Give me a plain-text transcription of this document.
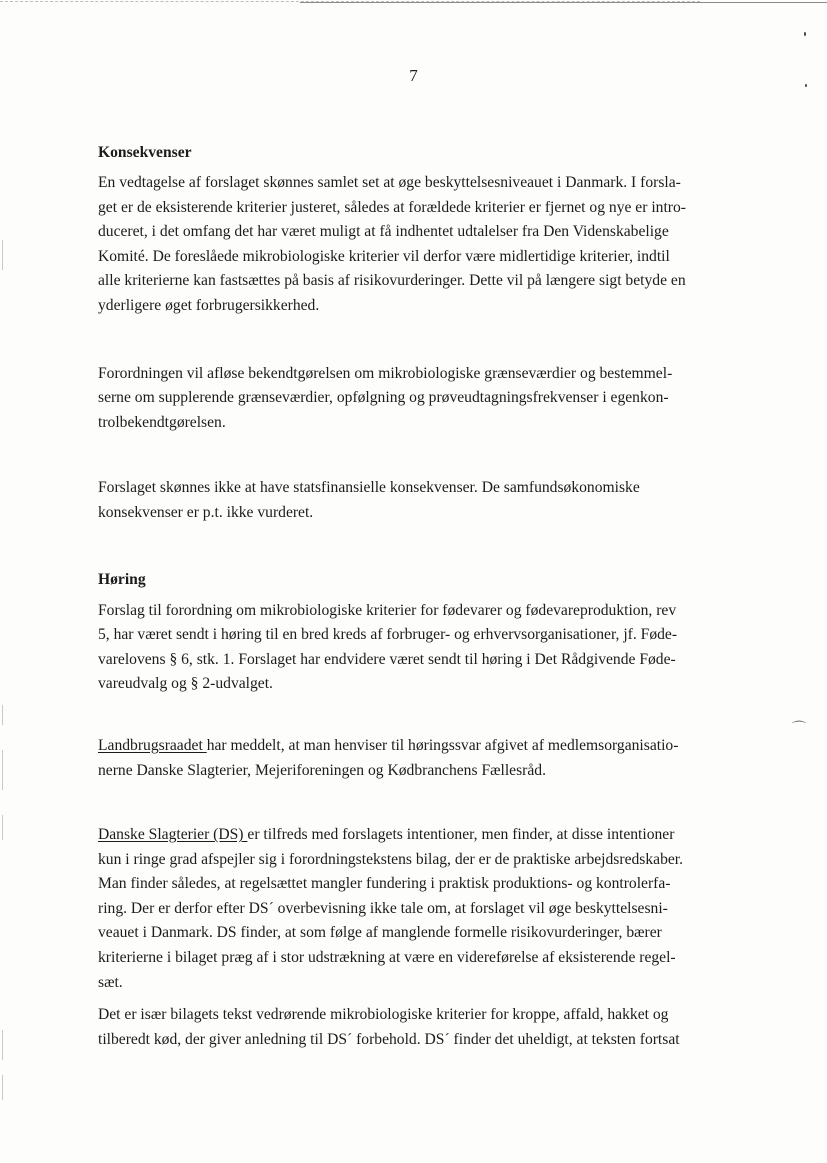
⌒
7
Konsekvenser
En vedtagelse af forslaget skønnes samlet set at øge beskyttelsesniveauet i Danmark. I forsla-
get er de eksisterende kriterier justeret, således at forældede kriterier er fjernet og nye er intro-
duceret, i det omfang det har været muligt at få indhentet udtalelser fra Den Videnskabelige
Komité. De foreslåede mikrobiologiske kriterier vil derfor være midlertidige kriterier, indtil
alle kriterierne kan fastsættes på basis af risikovurderinger. Dette vil på længere sigt betyde en
yderligere øget forbrugersikkerhed.
Forordningen vil afløse bekendtgørelsen om mikrobiologiske grænseværdier og bestemmel-
serne om supplerende grænseværdier, opfølgning og prøveudtagningsfrekvenser i egenkon-
trolbekendtgørelsen.
Forslaget skønnes ikke at have statsfinansielle konsekvenser. De samfundsøkonomiske
konsekvenser er p.t. ikke vurderet.
Høring
Forslag til forordning om mikrobiologiske kriterier for fødevarer og fødevareproduktion, rev
5, har været sendt i høring til en bred kreds af forbruger- og erhvervsorganisationer, jf. Føde-
varelovens § 6, stk. 1. Forslaget har endvidere været sendt til høring i Det Rådgivende Føde-
vareudvalg og § 2-udvalget.
Landbrugsraadet har meddelt, at man henviser til høringssvar afgivet af medlemsorganisatio-
nerne Danske Slagterier, Mejeriforeningen og Kødbranchens Fællesråd.
Danske Slagterier (DS) er tilfreds med forslagets intentioner, men finder, at disse intentioner
kun i ringe grad afspejler sig i forordningstekstens bilag, der er de praktiske arbejdsredskaber.
Man finder således, at regelsættet mangler fundering i praktisk produktions- og kontrolerfa-
ring. Der er derfor efter DS´ overbevisning ikke tale om, at forslaget vil øge beskyttelsesni-
veauet i Danmark. DS finder, at som følge af manglende formelle risikovurderinger, bærer
kriterierne i bilaget præg af i stor udstrækning at være en videreførelse af eksisterende regel-
sæt.
Det er især bilagets tekst vedrørende mikrobiologiske kriterier for kroppe, affald, hakket og
tilberedt kød, der giver anledning til DS´ forbehold. DS´ finder det uheldigt, at teksten fortsat
